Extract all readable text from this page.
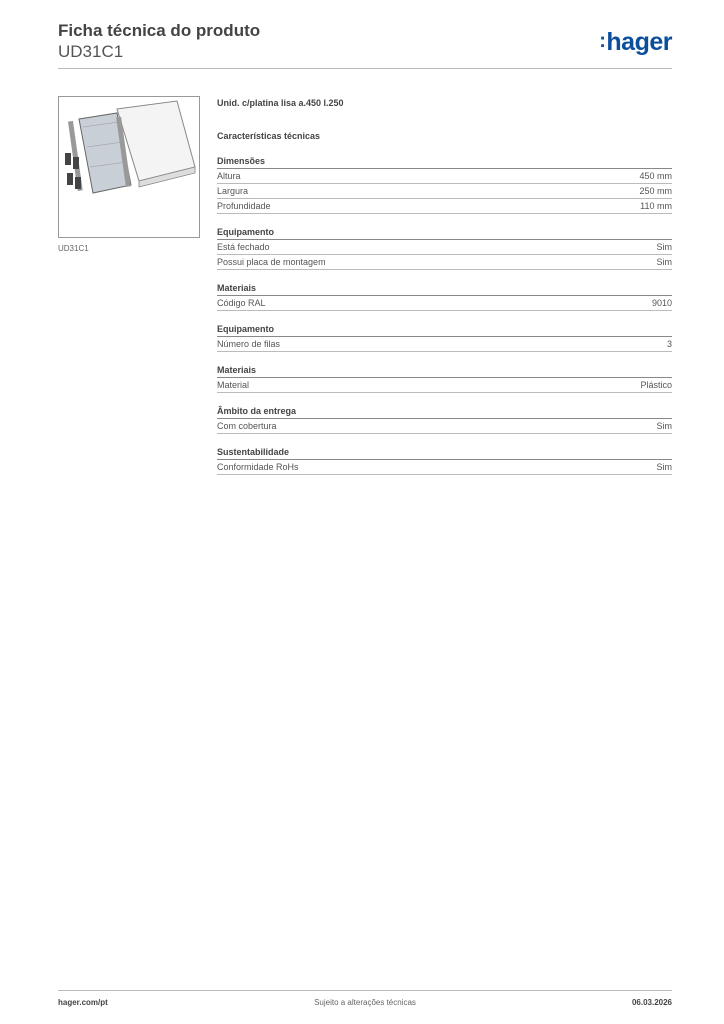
Ficha técnica do produto

UD31C1	:hager
UD31C1
Unid. c/platina lisa a.450 l.250
Características técnicas
Dimensões
Altura	450 mm
Largura	250 mm
Profundidade	110 mm
Equipamento
Está fechado	Sim
Possui placa de montagem	Sim
Materiais
Código RAL	9010
Equipamento
Número de filas	3
Materiais
Material	Plástico
Âmbito da entrega
Com cobertura	Sim
Sustentabilidade
Conformidade RoHs	Sim
hager.com/pt	Sujeito a alterações técnicas	06.03.2026
